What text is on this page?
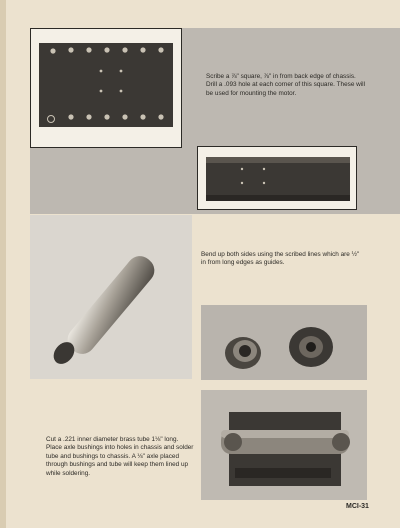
Scribe a ⅞" square, ⅞" in from back edge of chassis. Drill a .093 hole at each corner of this square. These will be used for mounting the motor.
Bend up both sides using the scribed lines which are ½" in from long edges as guides.
Cut a .221 inner diameter brass tube 1⅛" long. Place axle bushings into holes in chassis and solder tube and bushings to chassis. A ⅛" axle placed through bushings and tube will keep them lined up while soldering.
MCI-31
